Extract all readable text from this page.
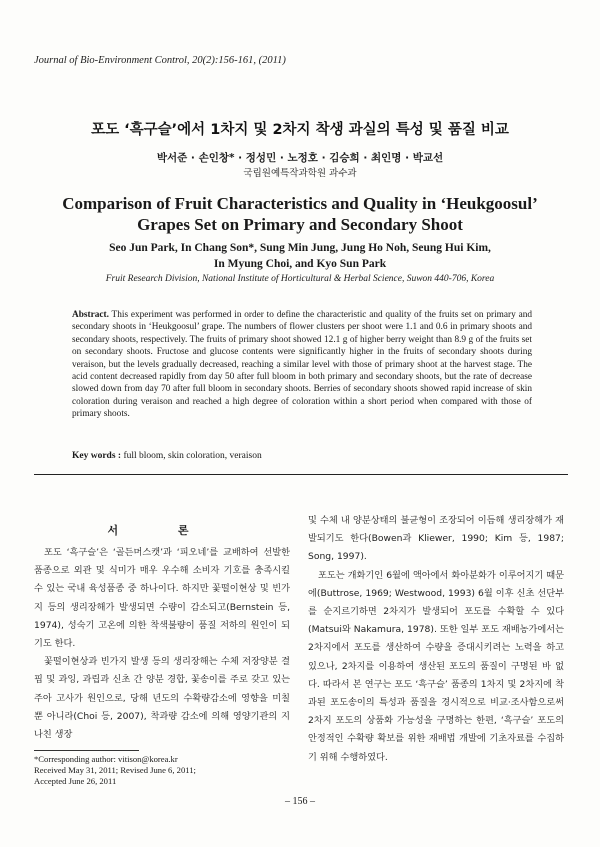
Journal of Bio-Environment Control, 20(2):156-161, (2011)
포도 ‘흑구슬’에서 1차지 및 2차지 착생 과실의 특성 및 품질 비교
박서준 · 손인창* · 정성민 · 노정호 · 김승희 · 최인명 · 박교선
국립원예특작과학원 과수과
Comparison of Fruit Characteristics and Quality in ‘Heukgoosul’
Grapes Set on Primary and Secondary Shoot
Seo Jun Park, In Chang Son*, Sung Min Jung, Jung Ho Noh, Seung Hui Kim,
In Myung Choi, and Kyo Sun Park
Fruit Research Division, National Institute of Horticultural & Herbal Science, Suwon 440-706, Korea
Abstract. This experiment was performed in order to define the characteristic and quality of the fruits set on primary and secondary shoots in ‘Heukgoosul’ grape. The numbers of flower clusters per shoot were 1.1 and 0.6 in primary shoots and secondary shoots, respectively. The fruits of primary shoot showed 12.1 g of higher berry weight than 8.9 g of the fruits set on secondary shoots. Fructose and glucose contents were significantly higher in the fruits of secondary shoots during veraison, but the levels gradually decreased, reaching a similar level with those of primary shoot at the harvest stage. The acid content decreased rapidly from day 50 after full bloom in both primary and secondary shoots, but the rate of decrease slowed down from day 70 after full bloom in secondary shoots. Berries of secondary shoots showed rapid increase of skin coloration during veraison and reached a high degree of coloration within a short period when compared with those of primary shoots.
Key words : full bloom, skin coloration, veraison
서 론

포도 ‘흑구슬’은 ‘골든머스캣’과 ‘피오네’를 교배하여 선발한 품종으로 외관 및 식미가 매우 우수해 소비자 기호를 충족시킬 수 있는 국내 육성품종 중 하나이다. 하지만 꽃떨이현상 및 빈가지 등의 생리장해가 발생되면 수량이 감소되고(Bernstein 등, 1974), 성숙기 고온에 의한 착색불량이 품질 저하의 원인이 되기도 한다.

꽃떨이현상과 빈가지 발생 등의 생리장해는 수체 저장양분 결핍 및 과잉, 과립과 신초 간 양분 경합, 꽃송이를 주로 갖고 있는 주아 고사가 원인으로, 당해 년도의 수확량감소에 영향을 미칠 뿐 아니라(Choi 등, 2007), 착과량 감소에 의해 영양기관의 지나친 생장

및 수체 내 양분상태의 불균형이 조장되어 이듬해 생리장해가 재발되기도 한다(Bowen과 Kliewer, 1990; Kim 등, 1987; Song, 1997).

포도는 개화기인 6월에 액아에서 화아분화가 이루어지기 때문에(Buttrose, 1969; Westwood, 1993) 6월 이후 신초 선단부를 순지르기하면 2차지가 발생되어 포도를 수확할 수 있다(Matsui와 Nakamura, 1978). 또한 일부 포도 재배농가에서는 2차지에서 포도를 생산하여 수량을 증대시키려는 노력을 하고 있으나, 2차지를 이용하여 생산된 포도의 품질이 구명된 바 없다. 따라서 본 연구는 포도 ‘흑구슬’ 품종의 1차지 및 2차지에 착과된 포도송이의 특성과 품질을 경시적으로 비교·조사함으로써 2차지 포도의 상품화 가능성을 구명하는 한편, ‘흑구슬’ 포도의 안정적인 수확량 확보를 위한 재배법 개발에 기초자료를 수집하기 위해 수행하였다.

*Corresponding author: vitison@korea.kr
Received May 31, 2011; Revised June 6, 2011;
Accepted June 26, 2011
– 156 –
